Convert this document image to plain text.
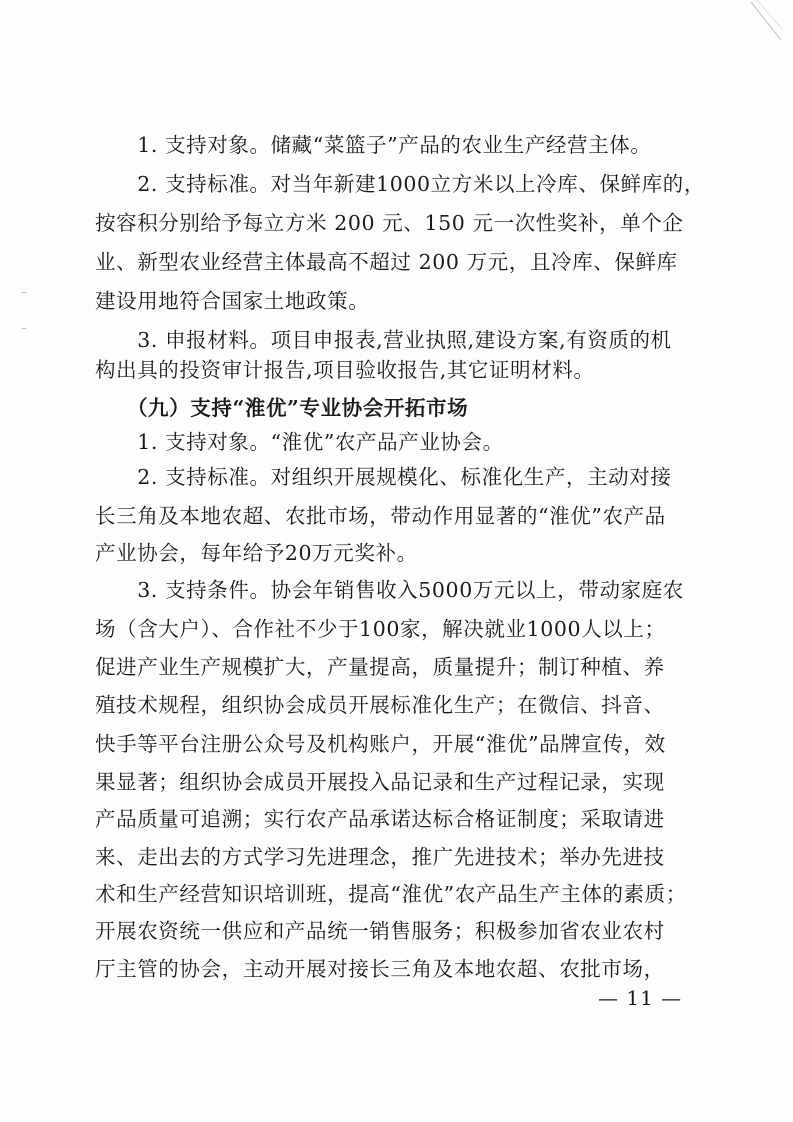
　　1. 支持对象。储藏“菜篮子”产品的农业生产经营主体。
　　2. 支持标准。对当年新建1000立方米以上冷库、保鲜库的，
按容积分别给予每立方米 200 元、150 元一次性奖补，单个企
业、新型农业经营主体最高不超过 200 万元，且冷库、保鲜库
建设用地符合国家土地政策。
　　3. 申报材料。项目申报表,营业执照,建设方案,有资质的机
构出具的投资审计报告,项目验收报告,其它证明材料。
　　（九）支持“淮优”专业协会开拓市场
　　1. 支持对象。“淮优”农产品产业协会。
　　2. 支持标准。对组织开展规模化、标准化生产，主动对接
长三角及本地农超、农批市场，带动作用显著的“淮优”农产品
产业协会，每年给予20万元奖补。
　　3. 支持条件。协会年销售收入5000万元以上，带动家庭农
场（含大户）、合作社不少于100家，解决就业1000人以上；
促进产业生产规模扩大，产量提高，质量提升；制订种植、养
殖技术规程，组织协会成员开展标准化生产；在微信、抖音、
快手等平台注册公众号及机构账户，开展“淮优”品牌宣传，效
果显著；组织协会成员开展投入品记录和生产过程记录，实现
产品质量可追溯；实行农产品承诺达标合格证制度；采取请进
来、走出去的方式学习先进理念，推广先进技术；举办先进技
术和生产经营知识培训班，提高“淮优”农产品生产主体的素质；
开展农资统一供应和产品统一销售服务；积极参加省农业农村
厅主管的协会，主动开展对接长三角及本地农超、农批市场，
— 11 —
